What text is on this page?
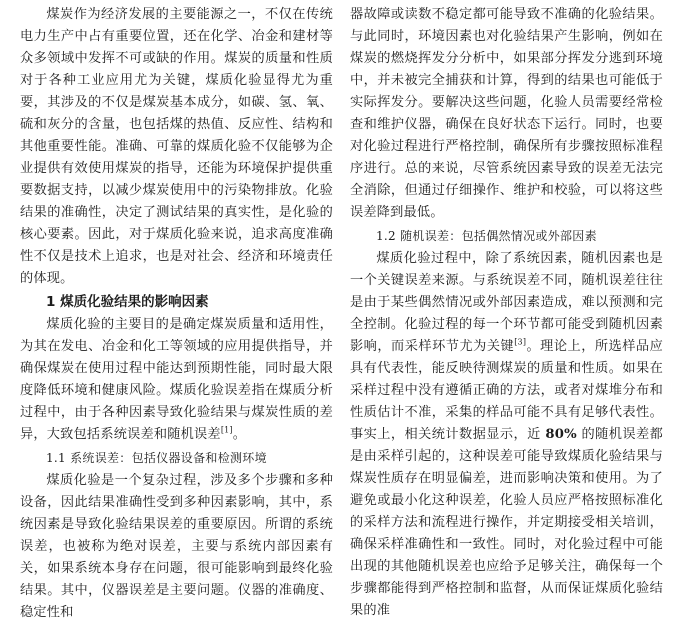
煤炭作为经济发展的主要能源之一，不仅在传统电力生产中占有重要位置，还在化学、冶金和建材等众多领域中发挥不可或缺的作用。煤炭的质量和性质对于各种工业应用尤为关键，煤质化验显得尤为重要，其涉及的不仅是煤炭基本成分，如碳、氢、氧、硫和灰分的含量，也包括煤的热值、反应性、结构和其他重要性能。准确、可靠的煤质化验不仅能够为企业提供有效使用煤炭的指导，还能为环境保护提供重要数据支持，以减少煤炭使用中的污染物排放。化验结果的准确性，决定了测试结果的真实性，是化验的核心要素。因此，对于煤质化验来说，追求高度准确性不仅是技术上追求，也是对社会、经济和环境责任的体现。

1 煤质化验结果的影响因素

煤质化验的主要目的是确定煤炭质量和适用性，为其在发电、冶金和化工等领域的应用提供指导，并确保煤炭在使用过程中能达到预期性能，同时最大限度降低环境和健康风险。煤质化验误差指在煤质分析过程中，由于各种因素导致化验结果与煤炭性质的差异，大致包括系统误差和随机误差[1]。

1.1 系统误差：包括仪器设备和检测环境

煤质化验是一个复杂过程，涉及多个步骤和多种设备，因此结果准确性受到多种因素影响，其中，系统因素是导致化验结果误差的重要原因。所谓的系统误差，也被称为绝对误差，主要与系统内部因素有关，如果系统本身存在问题，很可能影响到最终化验结果。其中，仪器误差是主要问题。仪器的准确度、稳定性和

器故障或读数不稳定都可能导致不准确的化验结果。与此同时，环境因素也对化验结果产生影响，例如在煤炭的燃烧挥发分分析中，如果部分挥发分逃到环境中，并未被完全捕获和计算，得到的结果也可能低于实际挥发分。要解决这些问题，化验人员需要经常检查和维护仪器，确保在良好状态下运行。同时，也要对化验过程进行严格控制，确保所有步骤按照标准程序进行。总的来说，尽管系统因素导致的误差无法完全消除，但通过仔细操作、维护和校验，可以将这些误差降到最低。

1.2 随机误差：包括偶然情况或外部因素

煤质化验过程中，除了系统因素，随机因素也是一个关键误差来源。与系统误差不同，随机误差往往是由于某些偶然情况或外部因素造成，难以预测和完全控制。化验过程的每一个环节都可能受到随机因素影响，而采样环节尤为关键[3]。理论上，所选样品应具有代表性，能反映待测煤炭的质量和性质。如果在采样过程中没有遵循正确的方法，或者对煤堆分布和性质估计不准，采集的样品可能不具有足够代表性。事实上，相关统计数据显示，近 80% 的随机误差都是由采样引起的，这种误差可能导致煤质化验结果与煤炭性质存在明显偏差，进而影响决策和使用。为了避免或最小化这种误差，化验人员应严格按照标准化的采样方法和流程进行操作，并定期接受相关培训，确保采样准确性和一致性。同时，对化验过程中可能出现的其他随机误差也应给予足够关注，确保每一个步骤都能得到严格控制和监督，从而保证煤质化验结果的准
